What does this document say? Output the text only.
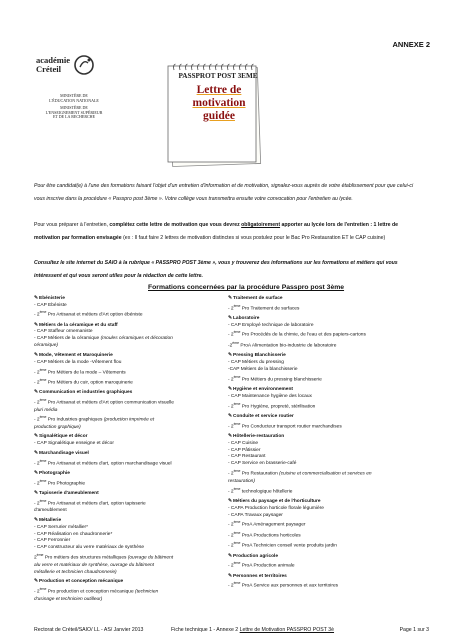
ANNEXE 2
académie
Créteil
MINISTÈRE DE
L'ÉDUCATION NATIONALE

MINISTÈRE DE
L'ENSEIGNEMENT SUPÉRIEUR
ET DE LA RECHERCHE
PASSPROT POST 3EME
Lettre de
motivation
guidée

Pour être candidat(e) à l'une des formations faisant l'objet d'un entretien d'information et de motivation, signalez-vous auprès de votre établissement pour que celui-ci vous inscrive dans la procédure « Passpro post 3ème ». Votre collège vous transmettra ensuite votre convocation pour l'entretien au lycée.

Pour vous préparer à l'entretien, complétez cette lettre de motivation que vous devrez obligatoirement apporter au lycée lors de l'entretien : 1 lettre de motivation par formation envisagée (ex : Il faut faire 2 lettres de motivation distinctes si vous postulez pour le Bac Pro Restauration ET le CAP cuisine)

Consultez le site internet du SAIO à la rubrique « PASSPRO POST 3ème », vous y trouverez des informations sur les formations et métiers qui vous intéressent et qui vous seront utiles pour la rédaction de cette lettre.

Formations concernées par la procédure Passpro post 3ème
✎Ebénisterie
- CAP Ebéniste
- 2ème Pro Artisanat et métiers d'Art option ébéniste
✎Métiers de la céramique et du staff
- CAP Staffeur ornemaniste
- CAP Métiers de la céramique (moules céramiques et décoration
céramique)
✎Mode, Vêtement et Maroquinerie
- CAP Métiers de la mode -Vêtement flou
- 2ème Pro Métiers de la mode – Vêtements
- 2ème Pro Métiers du cuir, option maroquinerie
✎Communication et industries graphiques
- 2ème Pro Artisanat et métiers d'Art option communication visuelle
pluri média
- 2ème Pro Industries graphiques (production imprimée et
production graphique)
✎Signalétique et décor
- CAP Signalétique enseigne et décor
✎Marchandisage visuel
- 2ème Pro Artisanat et métiers d'art, option marchandisage visuel
✎Photographie
- 2ème Pro Photographie
✎Tapisserie d'ameublement
- 2ème Pro Artisanat et métiers d'art, option tapisserie
d'ameublement
✎Métallerie
- CAP Serrurier métallier*
- CAP Réalisation en chaudronnerie*
- CAP Ferronnier
- CAP constructeur alu verre matériaux de synthèse
2ème Pro métiers des structures métalliques (ouvrage du bâtiment
alu verre et matériaux de synthèse, ouvrage du bâtiment
métallerie et technicien chaudronnerie)
✎Production et conception mécanique
- 2ème Pro production et conception mécanique (technicien
d'usinage et technicien outilleur)
✎Traitement de surface
- 2ème Pro Traitement de surfaces
✎Laboratoire
- CAP Employé technique de laboratoire
- 2ème Pro Procédés de la chimie, de l'eau et des papiers-cartons
-2ème ProA Alimentation bio-industrie de laboratoire
✎Pressing Blanchisserie
- CAP Métiers du pressing
-CAP Métiers de la blanchisserie
- 2ème Pro Métiers du pressing blanchisserie
✎Hygiène et environnement
- CAP Maintenance hygiène des locaux
- 2ème Pro Hygiène, propreté, stérilisation
✎Conduite et service routier
- 2ème Pro Conducteur transport routier marchandises
✎Hôtellerie-restauration
- CAP Cuisine
- CAP Pâtissier
- CAP Restaurant
- CAP Service en brasserie-café
- 2ème Pro Restauration (cuisine et commercialisation et services en
restauration)
- 2ème technologique hôtellerie
✎Métiers du paysage et de l'horticulture
- CAPA Production horticole florale légumière
- CAPA Travaux paysager
- 2ème ProA Aménagement paysager
- 2ème ProA Productions horticoles
- 2ème ProA Technicien conseil vente produits jardin
✎Production agricole
- 2ème ProA Production animale
✎Personnes et territoires
- 2ème ProA Service aux personnes et aux territoires
Rectorat de Créteil/SAIO/ LL - AS/ Janvier 2013	Fiche technique 1 - Annexe 2 Lettre de Motivation PASSPRO POST 3è	Page 1 sur 3
